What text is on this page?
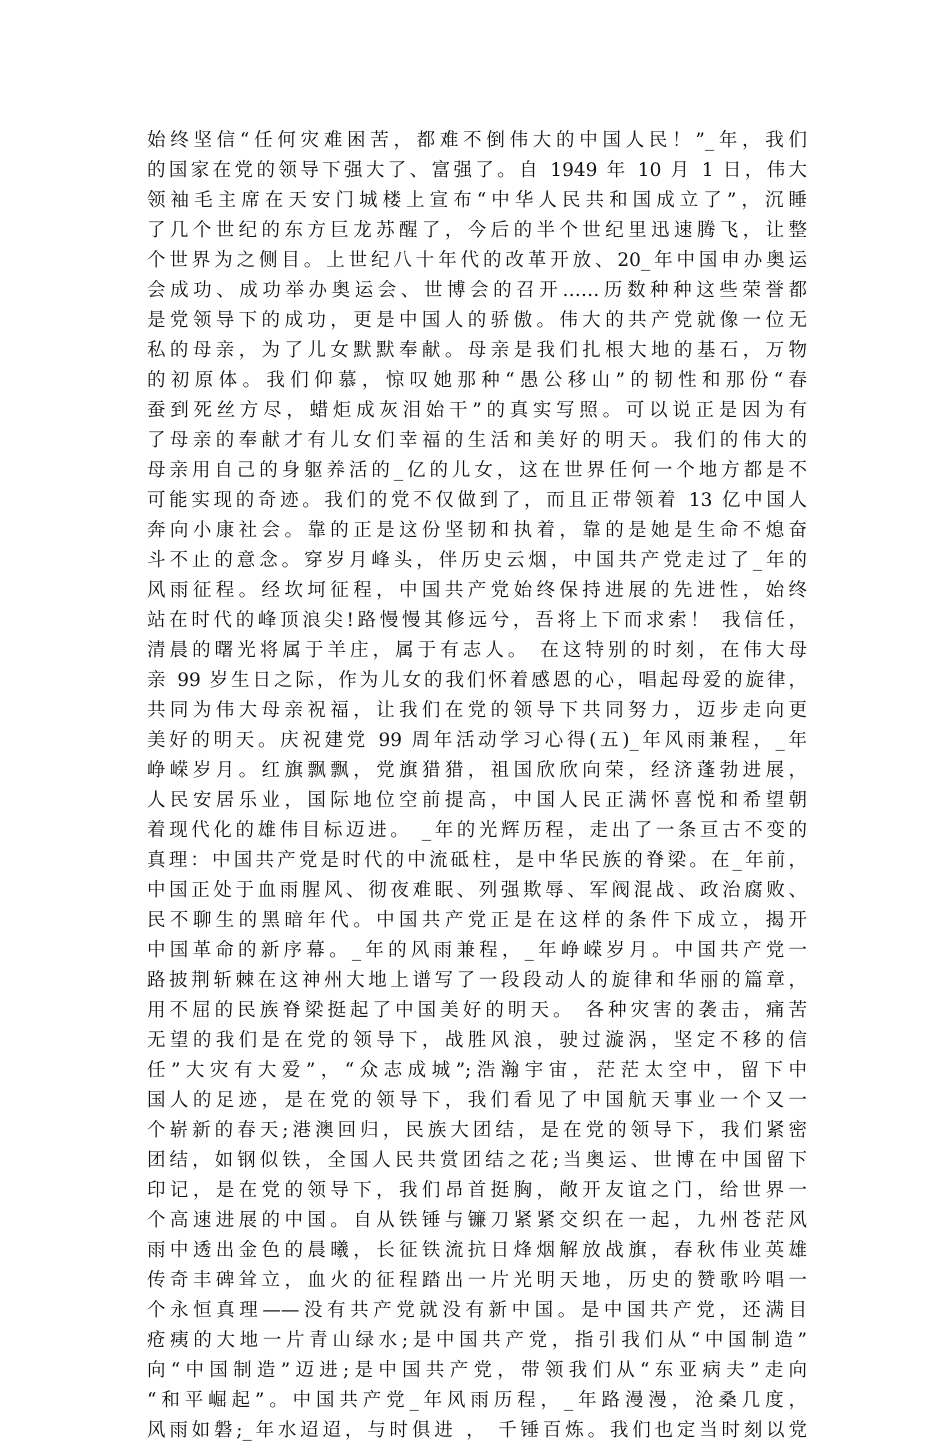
始终坚信“任何灾难困苦，都难不倒伟大的中国人民！”_年，我们
的国家在党的领导下强大了、富强了。自 1949 年 10 月 1 日，伟大
领袖毛主席在天安门城楼上宣布“中华人民共和国成立了”，沉睡
了几个世纪的东方巨龙苏醒了，今后的半个世纪里迅速腾飞，让整
个世界为之侧目。上世纪八十年代的改革开放、20_年中国申办奥运
会成功、成功举办奥运会、世博会的召开……历数种种这些荣誉都
是党领导下的成功，更是中国人的骄傲。伟大的共产党就像一位无
私的母亲，为了儿女默默奉献。母亲是我们扎根大地的基石，万物
的初原体。我们仰慕，惊叹她那种“愚公移山”的韧性和那份“春
蚕到死丝方尽，蜡炬成灰泪始干”的真实写照。可以说正是因为有
了母亲的奉献才有儿女们幸福的生活和美好的明天。我们的伟大的
母亲用自己的身躯养活的_亿的儿女，这在世界任何一个地方都是不
可能实现的奇迹。我们的党不仅做到了，而且正带领着 13 亿中国人
奔向小康社会。靠的正是这份坚韧和执着，靠的是她是生命不熄奋
斗不止的意念。穿岁月峰头，伴历史云烟，中国共产党走过了_年的
风雨征程。经坎坷征程，中国共产党始终保持进展的先进性，始终
站在时代的峰顶浪尖!路慢慢其修远兮，吾将上下而求索！ 我信任，
清晨的曙光将属于羊庄，属于有志人。 在这特别的时刻，在伟大母
亲 99 岁生日之际，作为儿女的我们怀着感恩的心，唱起母爱的旋律，
共同为伟大母亲祝福，让我们在党的领导下共同努力，迈步走向更
美好的明天。庆祝建党 99 周年活动学习心得(五)_年风雨兼程，_年
峥嵘岁月。红旗飘飘，党旗猎猎，祖国欣欣向荣，经济蓬勃进展，
人民安居乐业，国际地位空前提高，中国人民正满怀喜悦和希望朝
着现代化的雄伟目标迈进。 _年的光辉历程，走出了一条亘古不变的
真理：中国共产党是时代的中流砥柱，是中华民族的脊梁。在_年前，
中国正处于血雨腥风、彻夜难眠、列强欺辱、军阀混战、政治腐败、
民不聊生的黑暗年代。中国共产党正是在这样的条件下成立，揭开
中国革命的新序幕。_年的风雨兼程，_年峥嵘岁月。中国共产党一
路披荆斩棘在这神州大地上谱写了一段段动人的旋律和华丽的篇章，
用不屈的民族脊梁挺起了中国美好的明天。 各种灾害的袭击，痛苦
无望的我们是在党的领导下，战胜风浪，驶过漩涡，坚定不移的信
任”大灾有大爱”，“众志成城”;浩瀚宇宙，茫茫太空中，留下中
国人的足迹，是在党的领导下，我们看见了中国航天事业一个又一
个崭新的春天;港澳回归，民族大团结，是在党的领导下，我们紧密
团结，如钢似铁，全国人民共赏团结之花;当奥运、世博在中国留下
印记，是在党的领导下，我们昂首挺胸，敞开友谊之门，给世界一
个高速进展的中国。自从铁锤与镰刀紧紧交织在一起，九州苍茫风
雨中透出金色的晨曦，长征铁流抗日烽烟解放战旗，春秋伟业英雄
传奇丰碑耸立，血火的征程踏出一片光明天地，历史的赞歌吟唱一
个永恒真理——没有共产党就没有新中国。是中国共产党，还满目
疮痍的大地一片青山绿水;是中国共产党，指引我们从“中国制造”
向“中国制造”迈进;是中国共产党，带领我们从“东亚病夫”走向
“和平崛起”。中国共产党_年风雨历程，_年路漫漫，沧桑几度，
风雨如磐;_年水迢迢，与时俱进 ， 千锤百炼。我们也定当时刻以党
